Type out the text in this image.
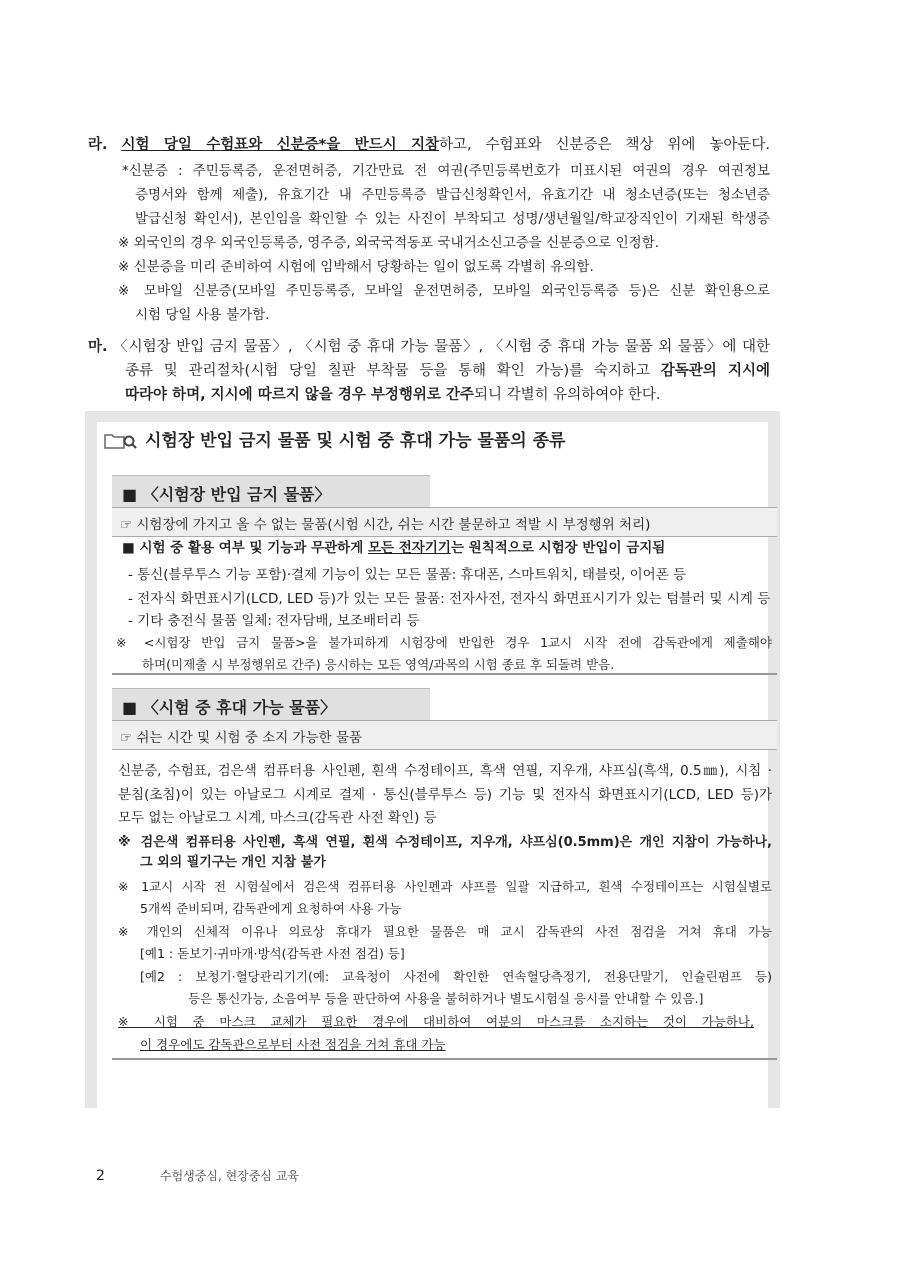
라. 시험 당일 수험표와 신분증*을 반드시 지참하고, 수험표와 신분증은 책상 위에 놓아둔다.
*신분증 : 주민등록증, 운전면허증, 기간만료 전 여권(주민등록번호가 미표시된 여권의 경우 여권정보
증명서와 함께 제출), 유효기간 내 주민등록증 발급신청확인서, 유효기간 내 청소년증(또는 청소년증
발급신청 확인서), 본인임을 확인할 수 있는 사진이 부착되고 성명/생년월일/학교장직인이 기재된 학생증
※ 외국인의 경우 외국인등록증, 영주증, 외국국적동포 국내거소신고증을 신분증으로 인정함.
※ 신분증을 미리 준비하여 시험에 임박해서 당황하는 일이 없도록 각별히 유의함.
※ 모바일 신분증(모바일 주민등록증, 모바일 운전면허증, 모바일 외국인등록증 등)은 신분 확인용으로
시험 당일 사용 불가함.
마. 〈시험장 반입 금지 물품〉, 〈시험 중 휴대 가능 물품〉, 〈시험 중 휴대 가능 물품 외 물품〉에 대한
종류 및 관리절차(시험 당일 칠판 부착물 등을 통해 확인 가능)를 숙지하고 감독관의 지시에
따라야 하며, 지시에 따르지 않을 경우 부정행위로 간주되니 각별히 유의하여야 한다.
시험장 반입 금지 물품 및 시험 중 휴대 가능 물품의 종류
■ 〈시험장 반입 금지 물품〉
☞ 시험장에 가지고 올 수 없는 물품(시험 시간, 쉬는 시간 불문하고 적발 시 부정행위 처리)
■ 시험 중 활용 여부 및 기능과 무관하게 모든 전자기기는 원칙적으로 시험장 반입이 금지됨
- 통신(블루투스 기능 포함)·결제 기능이 있는 모든 물품: 휴대폰, 스마트워치, 태블릿, 이어폰 등
- 전자식 화면표시기(LCD, LED 등)가 있는 모든 물품: 전자사전, 전자식 화면표시기가 있는 텀블러 및 시계 등
- 기타 충전식 물품 일체: 전자담배, 보조배터리 등
※ <시험장 반입 금지 물품>을 불가피하게 시험장에 반입한 경우 1교시 시작 전에 감독관에게 제출해야
하며(미제출 시 부정행위로 간주) 응시하는 모든 영역/과목의 시험 종료 후 되돌려 받음.
■ 〈시험 중 휴대 가능 물품〉
☞ 쉬는 시간 및 시험 중 소지 가능한 물품
신분증, 수험표, 검은색 컴퓨터용 사인펜, 흰색 수정테이프, 흑색 연필, 지우개, 샤프심(흑색, 0.5㎜), 시침 ·
분침(초침)이 있는 아날로그 시계로 결제 · 통신(블루투스 등) 기능 및 전자식 화면표시기(LCD, LED 등)가
모두 없는 아날로그 시계, 마스크(감독관 사전 확인) 등
※ 검은색 컴퓨터용 사인펜, 흑색 연필, 흰색 수정테이프, 지우개, 샤프심(0.5mm)은 개인 지참이 가능하나,
그 외의 필기구는 개인 지참 불가
※ 1교시 시작 전 시험실에서 검은색 컴퓨터용 사인펜과 샤프를 일괄 지급하고, 흰색 수정테이프는 시험실별로
5개씩 준비되며, 감독관에게 요청하여 사용 가능
※ 개인의 신체적 이유나 의료상 휴대가 필요한 물품은 매 교시 감독관의 사전 점검을 거쳐 휴대 가능
[예1 : 돋보기·귀마개·방석(감독관 사전 점검) 등]
[예2 : 보청기·혈당관리기기(예: 교육청이 사전에 확인한 연속혈당측정기, 전용단말기, 인슐린펌프 등)
등은 통신가능, 소음여부 등을 판단하여 사용을 불허하거나 별도시험실 응시를 안내할 수 있음.]
※ 시험 중 마스크 교체가 필요한 경우에 대비하여 여분의 마스크를 소지하는 것이 가능하나,
이 경우에도 감독관으로부터 사전 점검을 거쳐 휴대 가능
2	수험생중심, 현장중심 교육
